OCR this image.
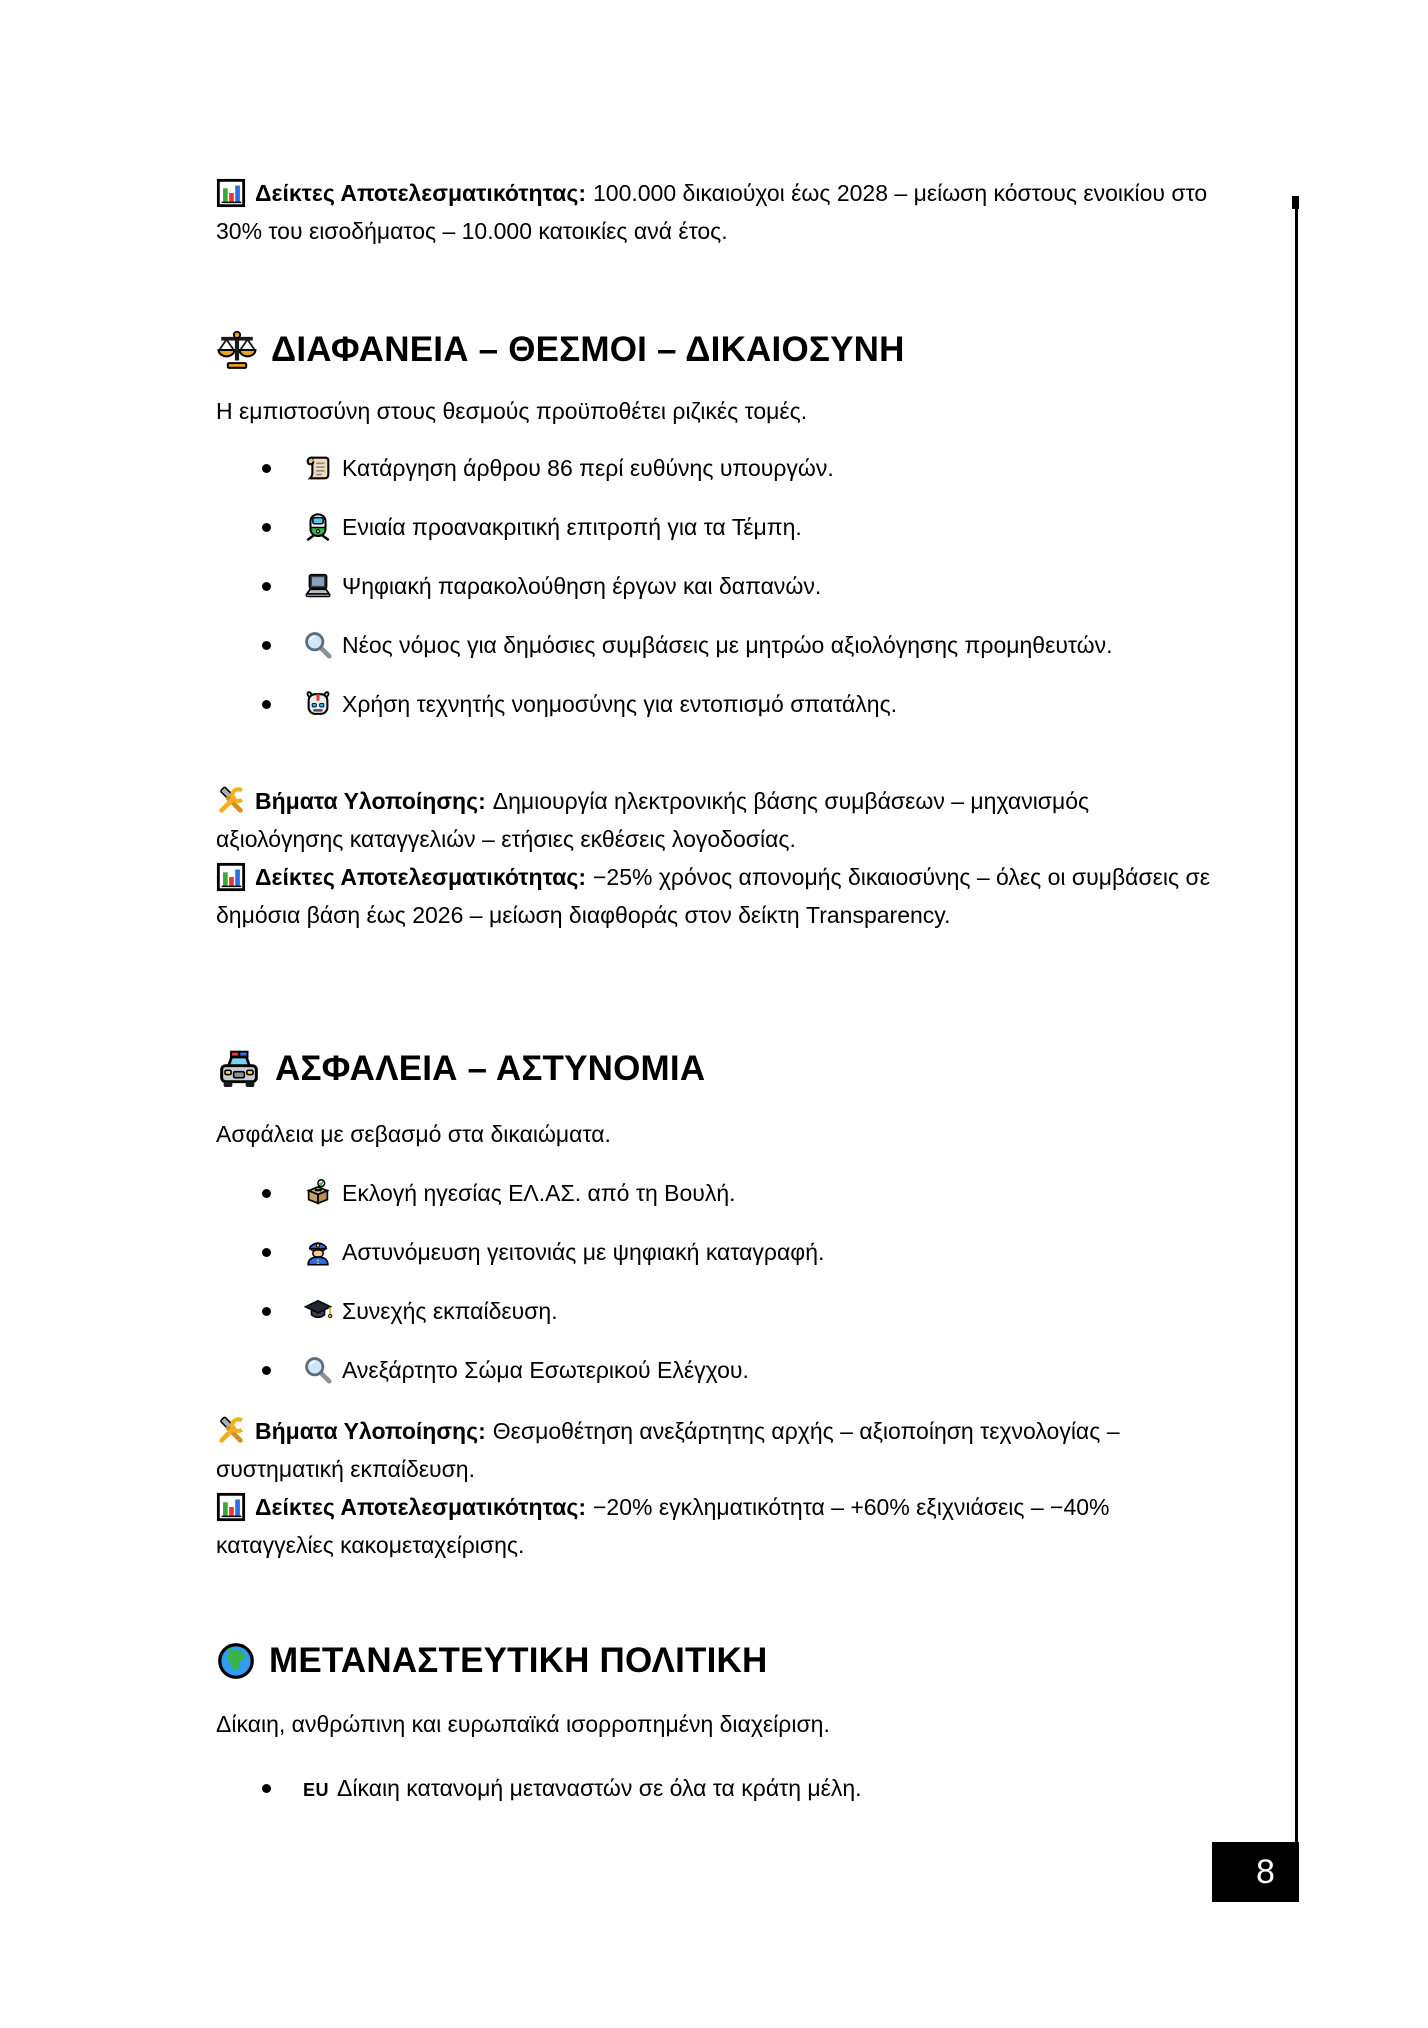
Δείκτες Αποτελεσματικότητας: 100.000 δικαιούχοι έως 2028 – μείωση κόστους ενοικίου στο 30% του εισοδήματος – 10.000 κατοικίες ανά έτος.

ΔΙΑΦΑΝΕΙΑ – ΘΕΣΜΟΙ – ΔΙΚΑΙΟΣΥΝΗ

Η εμπιστοσύνη στους θεσμούς προϋποθέτει ριζικές τομές.

Κατάργηση άρθρου 86 περί ευθύνης υπουργών.
Ενιαία προανακριτική επιτροπή για τα Τέμπη.
Ψηφιακή παρακολούθηση έργων και δαπανών.
Νέος νόμος για δημόσιες συμβάσεις με μητρώο αξιολόγησης προμηθευτών.
Χρήση τεχνητής νοημοσύνης για εντοπισμό σπατάλης.

Βήματα Υλοποίησης: Δημιουργία ηλεκτρονικής βάσης συμβάσεων – μηχανισμός αξιολόγησης καταγγελιών – ετήσιες εκθέσεις λογοδοσίας.

Δείκτες Αποτελεσματικότητας: −25% χρόνος απονομής δικαιοσύνης – όλες οι συμβάσεις σε δημόσια βάση έως 2026 – μείωση διαφθοράς στον δείκτη Transparency.

ΑΣΦΑΛΕΙΑ – ΑΣΤΥΝΟΜΙΑ

Ασφάλεια με σεβασμό στα δικαιώματα.

Εκλογή ηγεσίας ΕΛ.ΑΣ. από τη Βουλή.
Αστυνόμευση γειτονιάς με ψηφιακή καταγραφή.
Συνεχής εκπαίδευση.
Ανεξάρτητο Σώμα Εσωτερικού Ελέγχου.

Βήματα Υλοποίησης: Θεσμοθέτηση ανεξάρτητης αρχής – αξιοποίηση τεχνολογίας – συστηματική εκπαίδευση.

Δείκτες Αποτελεσματικότητας: −20% εγκληματικότητα – +60% εξιχνιάσεις – −40% καταγγελίες κακομεταχείρισης.

ΜΕΤΑΝΑΣΤΕΥΤΙΚΗ ΠΟΛΙΤΙΚΗ

Δίκαιη, ανθρώπινη και ευρωπαϊκά ισορροπημένη διαχείριση.

EU Δίκαιη κατανομή μεταναστών σε όλα τα κράτη μέλη.
8
